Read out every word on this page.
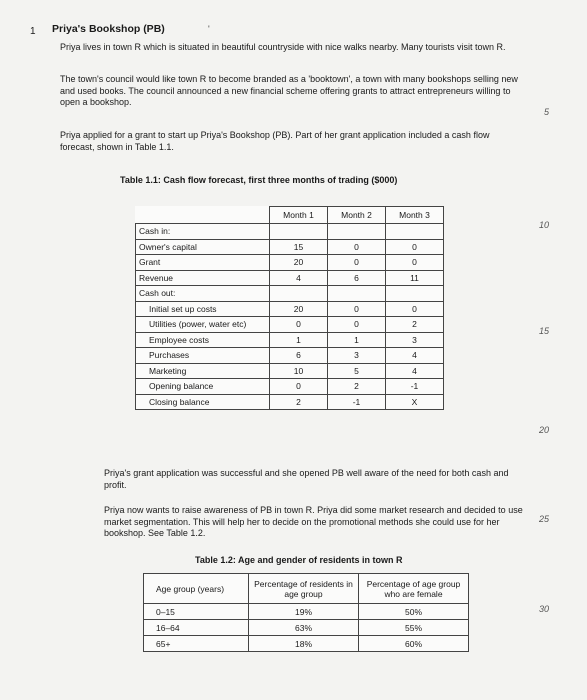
1 Priya's Bookshop (PB)	'
Priya lives in town R which is situated in beautiful countryside with nice walks nearby. Many tourists visit town R.
The town's council would like town R to become branded as a 'booktown', a town with many bookshops selling new and used books. The council announced a new financial scheme offering grants to attract entrepreneurs willing to open a bookshop.
Priya applied for a grant to start up Priya's Bookshop (PB). Part of her grant application included a cash flow forecast, shown in Table 1.1.
Table 1.1: Cash flow forecast, first three months of trading ($000)
	Month 1	Month 2	Month 3
Cash in:			
Owner's capital	15	0	0
Grant	20	0	0
Revenue	4	6	11
Cash out:			
Initial set up costs	20	0	0
Utilities (power, water etc)	0	0	2
Employee costs	1	1	3
Purchases	6	3	4
Marketing	10	5	4
Opening balance	0	2	-1
Closing balance	2	-1	X
Priya's grant application was successful and she opened PB well aware of the need for both cash and profit.
Priya now wants to raise awareness of PB in town R. Priya did some market research and decided to use market segmentation. This will help her to decide on the promotional methods she could use for her bookshop. See Table 1.2.
Table 1.2: Age and gender of residents in town R
Age group (years)	Percentage of residents in age group	Percentage of age group who are female
0–15	19%	50%
16–64	63%	55%
65+	18%	60%
5
10
15
20
25
30
